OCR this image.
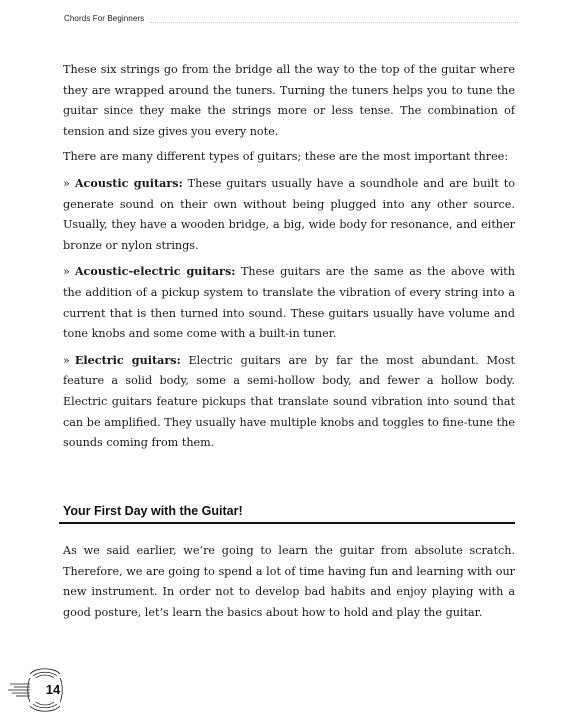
Chords For Beginners

These six strings go from the bridge all the way to the top of the guitar where they are wrapped around the tuners. Turning the tuners helps you to tune the guitar since they make the strings more or less tense. The combination of tension and size gives you every note.

There are many different types of guitars; these are the most important three:

» Acoustic guitars: These guitars usually have a soundhole and are built to generate sound on their own without being plugged into any other source. Usually, they have a wooden bridge, a big, wide body for resonance, and either bronze or nylon strings.

» Acoustic-electric guitars: These guitars are the same as the above with the addition of a pickup system to translate the vibration of every string into a current that is then turned into sound. These guitars usually have volume and tone knobs and some come with a built-in tuner.

» Electric guitars: Electric guitars are by far the most abundant. Most feature a solid body, some a semi-hollow body, and fewer a hollow body. Electric guitars feature pickups that translate sound vibration into sound that can be amplified. They usually have multiple knobs and toggles to fine-tune the sounds coming from them.

Your First Day with the Guitar!

As we said earlier, we’re going to learn the guitar from absolute scratch. Therefore, we are going to spend a lot of time having fun and learning with our new instrument. In order not to develop bad habits and enjoy playing with a good posture, let’s learn the basics about how to hold and play the guitar.

14
